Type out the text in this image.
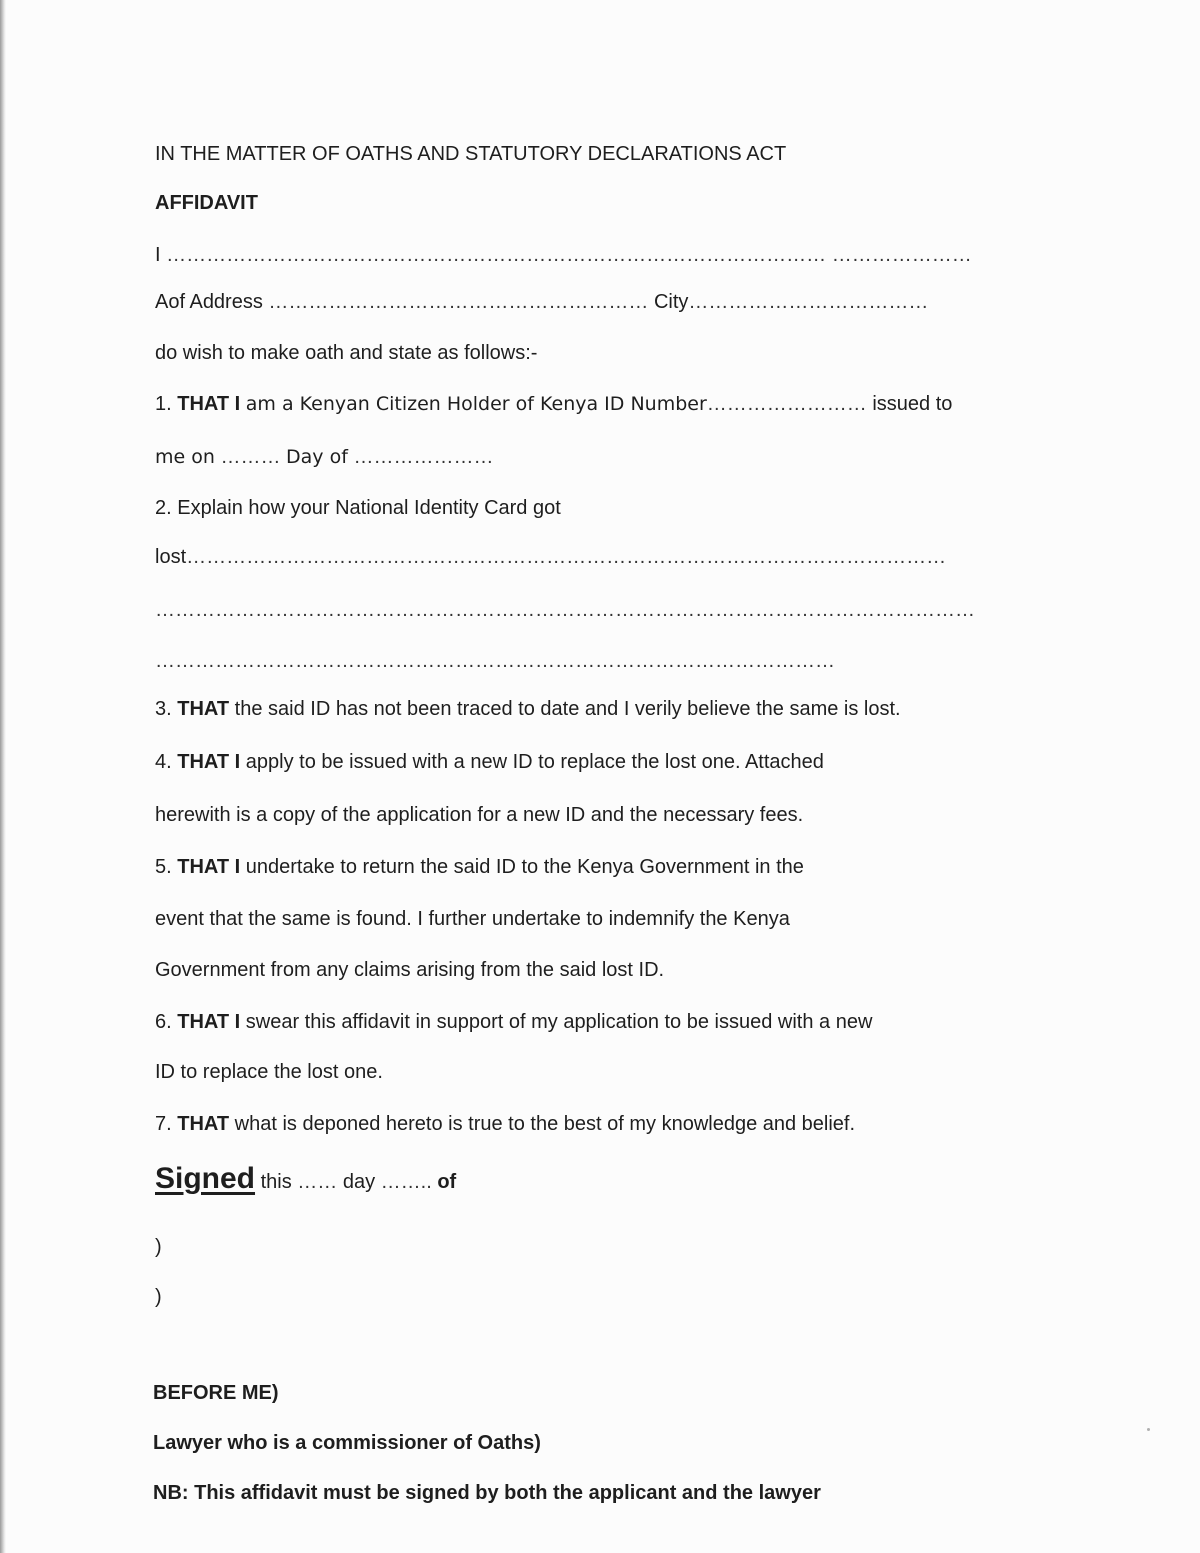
IN THE MATTER OF OATHS AND STATUTORY DECLARATIONS ACT
AFFIDAVIT
I ……………………………………………………………………………………… …………………
Aof Address ………………………………………………… City………………………………
do wish to make oath and state as follows:-
1. THAT I am a Kenyan Citizen Holder of Kenya ID Number…………………… issued to
me on ……… Day of …………………
2. Explain how your National Identity Card got
lost……………………………………………………………………………………………………
……………………………………………………………………………………………………………
…………………………………………………………………………………………
3. THAT the said ID has not been traced to date and I verily believe the same is lost.
4. THAT I apply to be issued with a new ID to replace the lost one. Attached
herewith is a copy of the application for a new ID and the necessary fees.
5. THAT I undertake to return the said ID to the Kenya Government in the
event that the same is found. I further undertake to indemnify the Kenya
Government from any claims arising from the said lost ID.
6. THAT I swear this affidavit in support of my application to be issued with a new
ID to replace the lost one.
7. THAT what is deponed hereto is true to the best of my knowledge and belief.
Signed this …… day …….. of
)
)
BEFORE ME)
Lawyer who is a commissioner of Oaths)
NB: This affidavit must be signed by both the applicant and the lawyer
